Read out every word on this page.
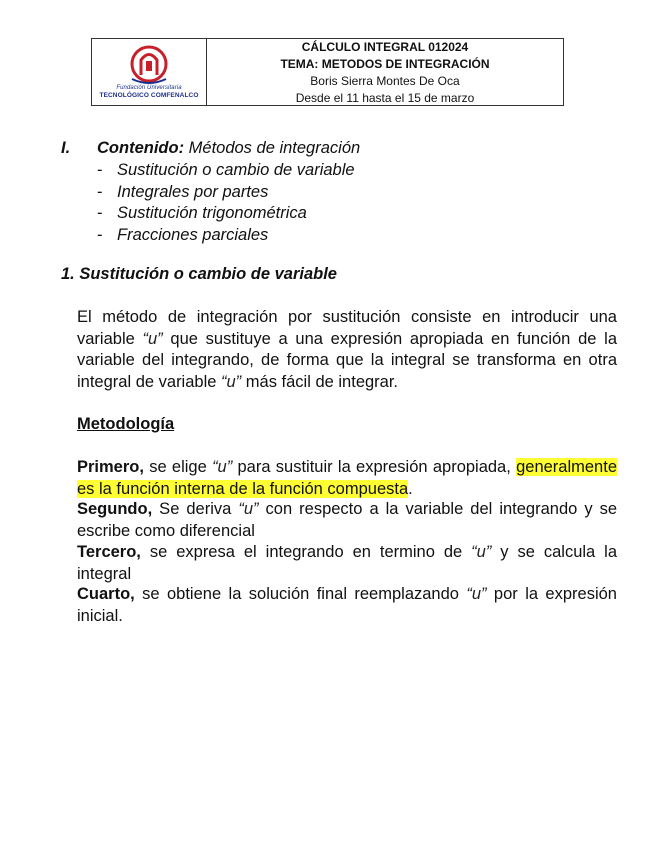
Fundación Universitaria
TECNOLÓGICO COMFENALCO
CÁLCULO INTEGRAL 012024
TEMA: METODOS DE INTEGRACIÓN
Boris Sierra Montes De Oca
Desde el 11 hasta el 15 de marzo
I. Contenido: Métodos de integración
- Sustitución o cambio de variable
- Integrales por partes
- Sustitución trigonométrica
- Fracciones parciales
1. Sustitución o cambio de variable

El método de integración por sustitución consiste en introducir una variable “u” que sustituye a una expresión apropiada en función de la variable del integrando, de forma que la integral se transforma en otra integral de variable “u” más fácil de integrar.

Metodología

Primero, se elige “u” para sustituir la expresión apropiada, generalmente es la función interna de la función compuesta.

Segundo, Se deriva “u” con respecto a la variable del integrando y se escribe como diferencial

Tercero, se expresa el integrando en termino de “u” y se calcula la integral

Cuarto, se obtiene la solución final reemplazando “u” por la expresión inicial.
